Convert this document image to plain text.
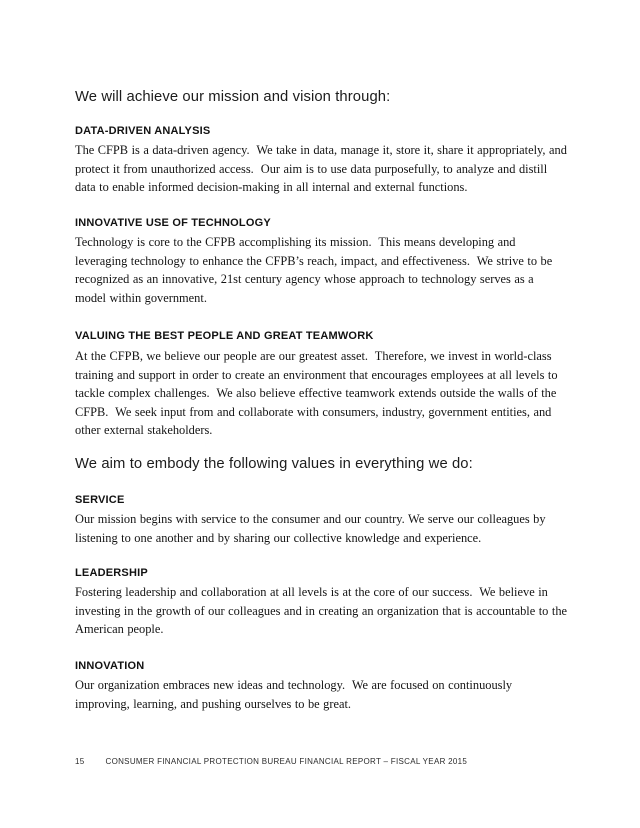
We will achieve our mission and vision through:
DATA-DRIVEN ANALYSIS

The CFPB is a data-driven agency.  We take in data, manage it, store it, share it appropriately, and protect it from unauthorized access.  Our aim is to use data purposefully, to analyze and distill data to enable informed decision-making in all internal and external functions.

INNOVATIVE USE OF TECHNOLOGY

Technology is core to the CFPB accomplishing its mission.  This means developing and leveraging technology to enhance the CFPB’s reach, impact, and effectiveness.  We strive to be recognized as an innovative, 21st century agency whose approach to technology serves as a model within government.

VALUING THE BEST PEOPLE AND GREAT TEAMWORK

At the CFPB, we believe our people are our greatest asset.  Therefore, we invest in world-class training and support in order to create an environment that encourages employees at all levels to tackle complex challenges.  We also believe effective teamwork extends outside the walls of the CFPB.  We seek input from and collaborate with consumers, industry, government entities, and other external stakeholders.

We aim to embody the following values in everything we do:
SERVICE

Our mission begins with service to the consumer and our country. We serve our colleagues by listening to one another and by sharing our collective knowledge and experience.

LEADERSHIP

Fostering leadership and collaboration at all levels is at the core of our success.  We believe in investing in the growth of our colleagues and in creating an organization that is accountable to the American people.

INNOVATION

Our organization embraces new ideas and technology.  We are focused on continuously improving, learning, and pushing ourselves to be great.

15	CONSUMER FINANCIAL PROTECTION BUREAU FINANCIAL REPORT – FISCAL YEAR 2015
